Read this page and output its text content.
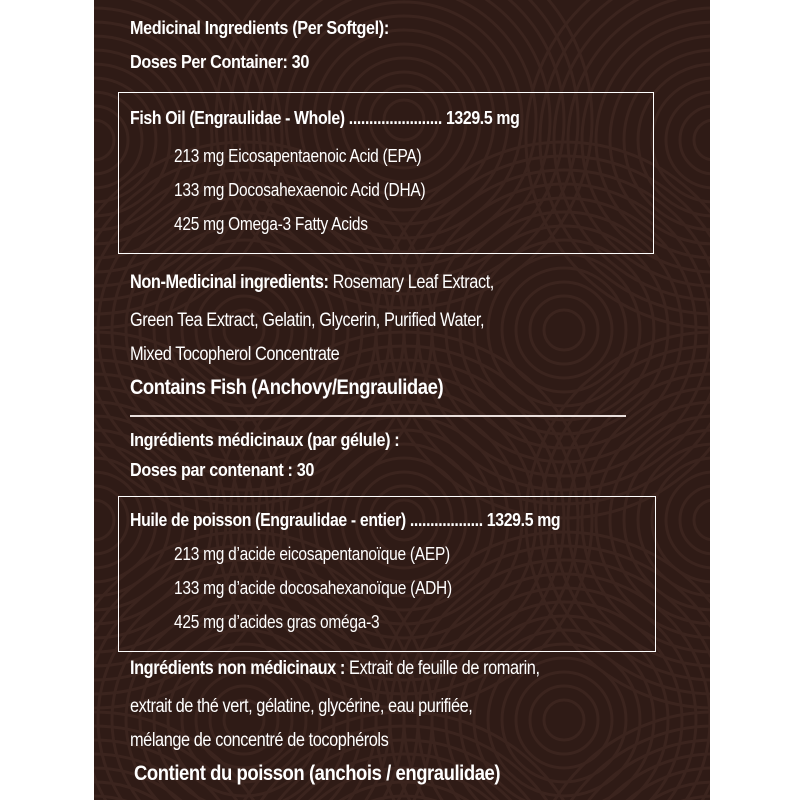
Medicinal Ingredients (Per Softgel):
Doses Per Container: 30
Fish Oil (Engraulidae - Whole) ....................... 1329.5 mg
213 mg Eicosapentaenoic Acid (EPA)
133 mg Docosahexaenoic Acid (DHA)
425 mg Omega-3 Fatty Acids
Non-Medicinal ingredients: Rosemary Leaf Extract,
Green Tea Extract, Gelatin, Glycerin, Purified Water,
Mixed Tocopherol Concentrate
Contains Fish (Anchovy/Engraulidae)
Ingrédients médicinaux (par gélule) :
Doses par contenant : 30
Huile de poisson (Engraulidae - entier) .................. 1329.5 mg
213 mg d’acide eicosapentanoïque (AEP)
133 mg d’acide docosahexanoïque (ADH)
425 mg d’acides gras oméga-3
Ingrédients non médicinaux : Extrait de feuille de romarin,
extrait de thé vert, gélatine, glycérine, eau purifiée,
mélange de concentré de tocophérols
Contient du poisson (anchois / engraulidae)
